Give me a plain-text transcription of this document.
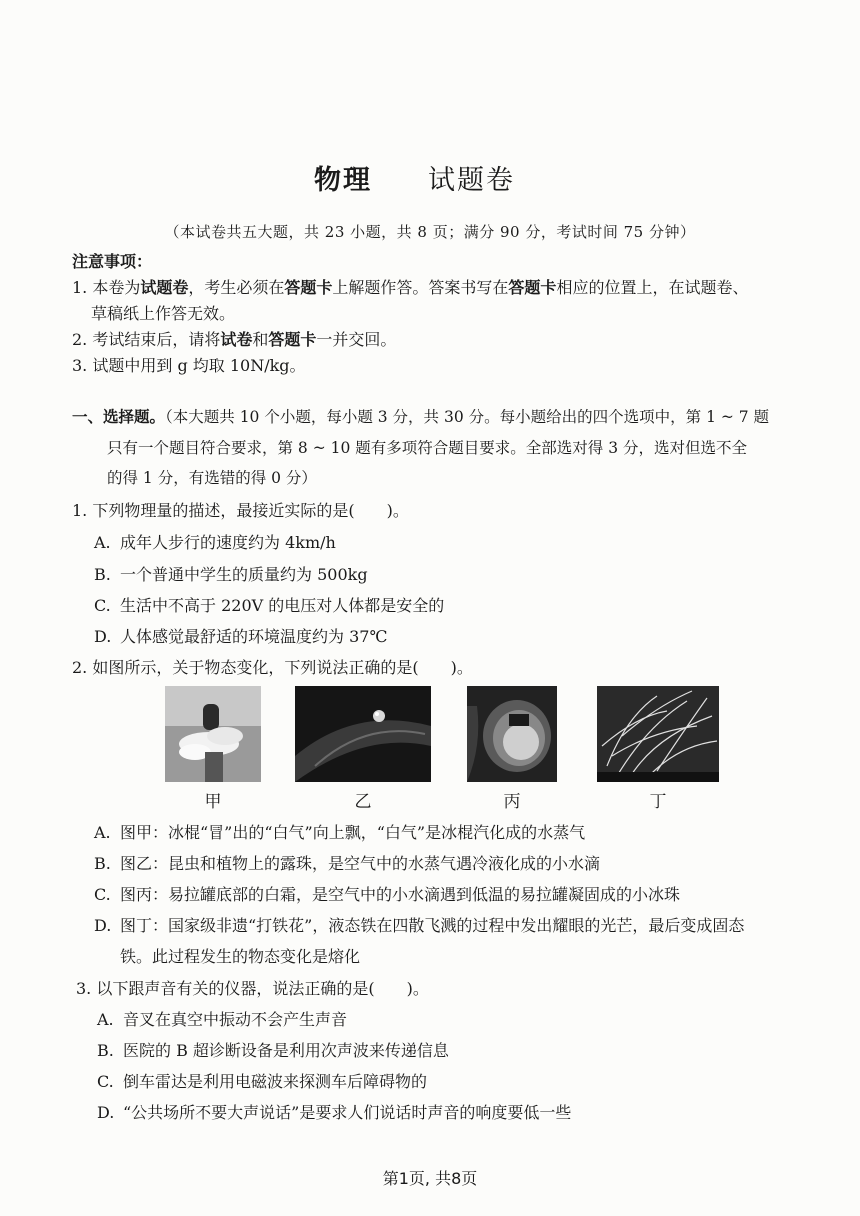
物理 试题卷
（本试卷共五大题，共 23 小题，共 8 页；满分 90 分，考试时间 75 分钟）
注意事项：
1. 本卷为试题卷，考生必须在答题卡上解题作答。答案书写在答题卡相应的位置上，在试题卷、
草稿纸上作答无效。
2. 考试结束后，请将试卷和答题卡一并交回。
3. 试题中用到 g 均取 10N/kg。
一、选择题。（本大题共 10 个小题，每小题 3 分，共 30 分。每小题给出的四个选项中，第 1 ~ 7 题
只有一个题目符合要求，第 8 ~ 10 题有多项符合题目要求。全部选对得 3 分，选对但选不全
的得 1 分，有选错的得 0 分）
1. 下列物理量的描述，最接近实际的是(　　)。
A. 成年人步行的速度约为 4km/h
B. 一个普通中学生的质量约为 500kg
C. 生活中不高于 220V 的电压对人体都是安全的
D. 人体感觉最舒适的环境温度约为 37℃
2. 如图所示，关于物态变化，下列说法正确的是(　　)。
甲	乙	丙	丁
A. 图甲：冰棍“冒”出的“白气”向上飘，“白气”是冰棍汽化成的水蒸气
B. 图乙：昆虫和植物上的露珠，是空气中的水蒸气遇冷液化成的小水滴
C. 图丙：易拉罐底部的白霜，是空气中的小水滴遇到低温的易拉罐凝固成的小冰珠
D. 图丁：国家级非遗“打铁花”，液态铁在四散飞溅的过程中发出耀眼的光芒，最后变成固态
铁。此过程发生的物态变化是熔化
3. 以下跟声音有关的仪器，说法正确的是(　　)。
A. 音叉在真空中振动不会产生声音
B. 医院的 B 超诊断设备是利用次声波来传递信息
C. 倒车雷达是利用电磁波来探测车后障碍物的
D. “公共场所不要大声说话”是要求人们说话时声音的响度要低一些
第1页, 共8页
